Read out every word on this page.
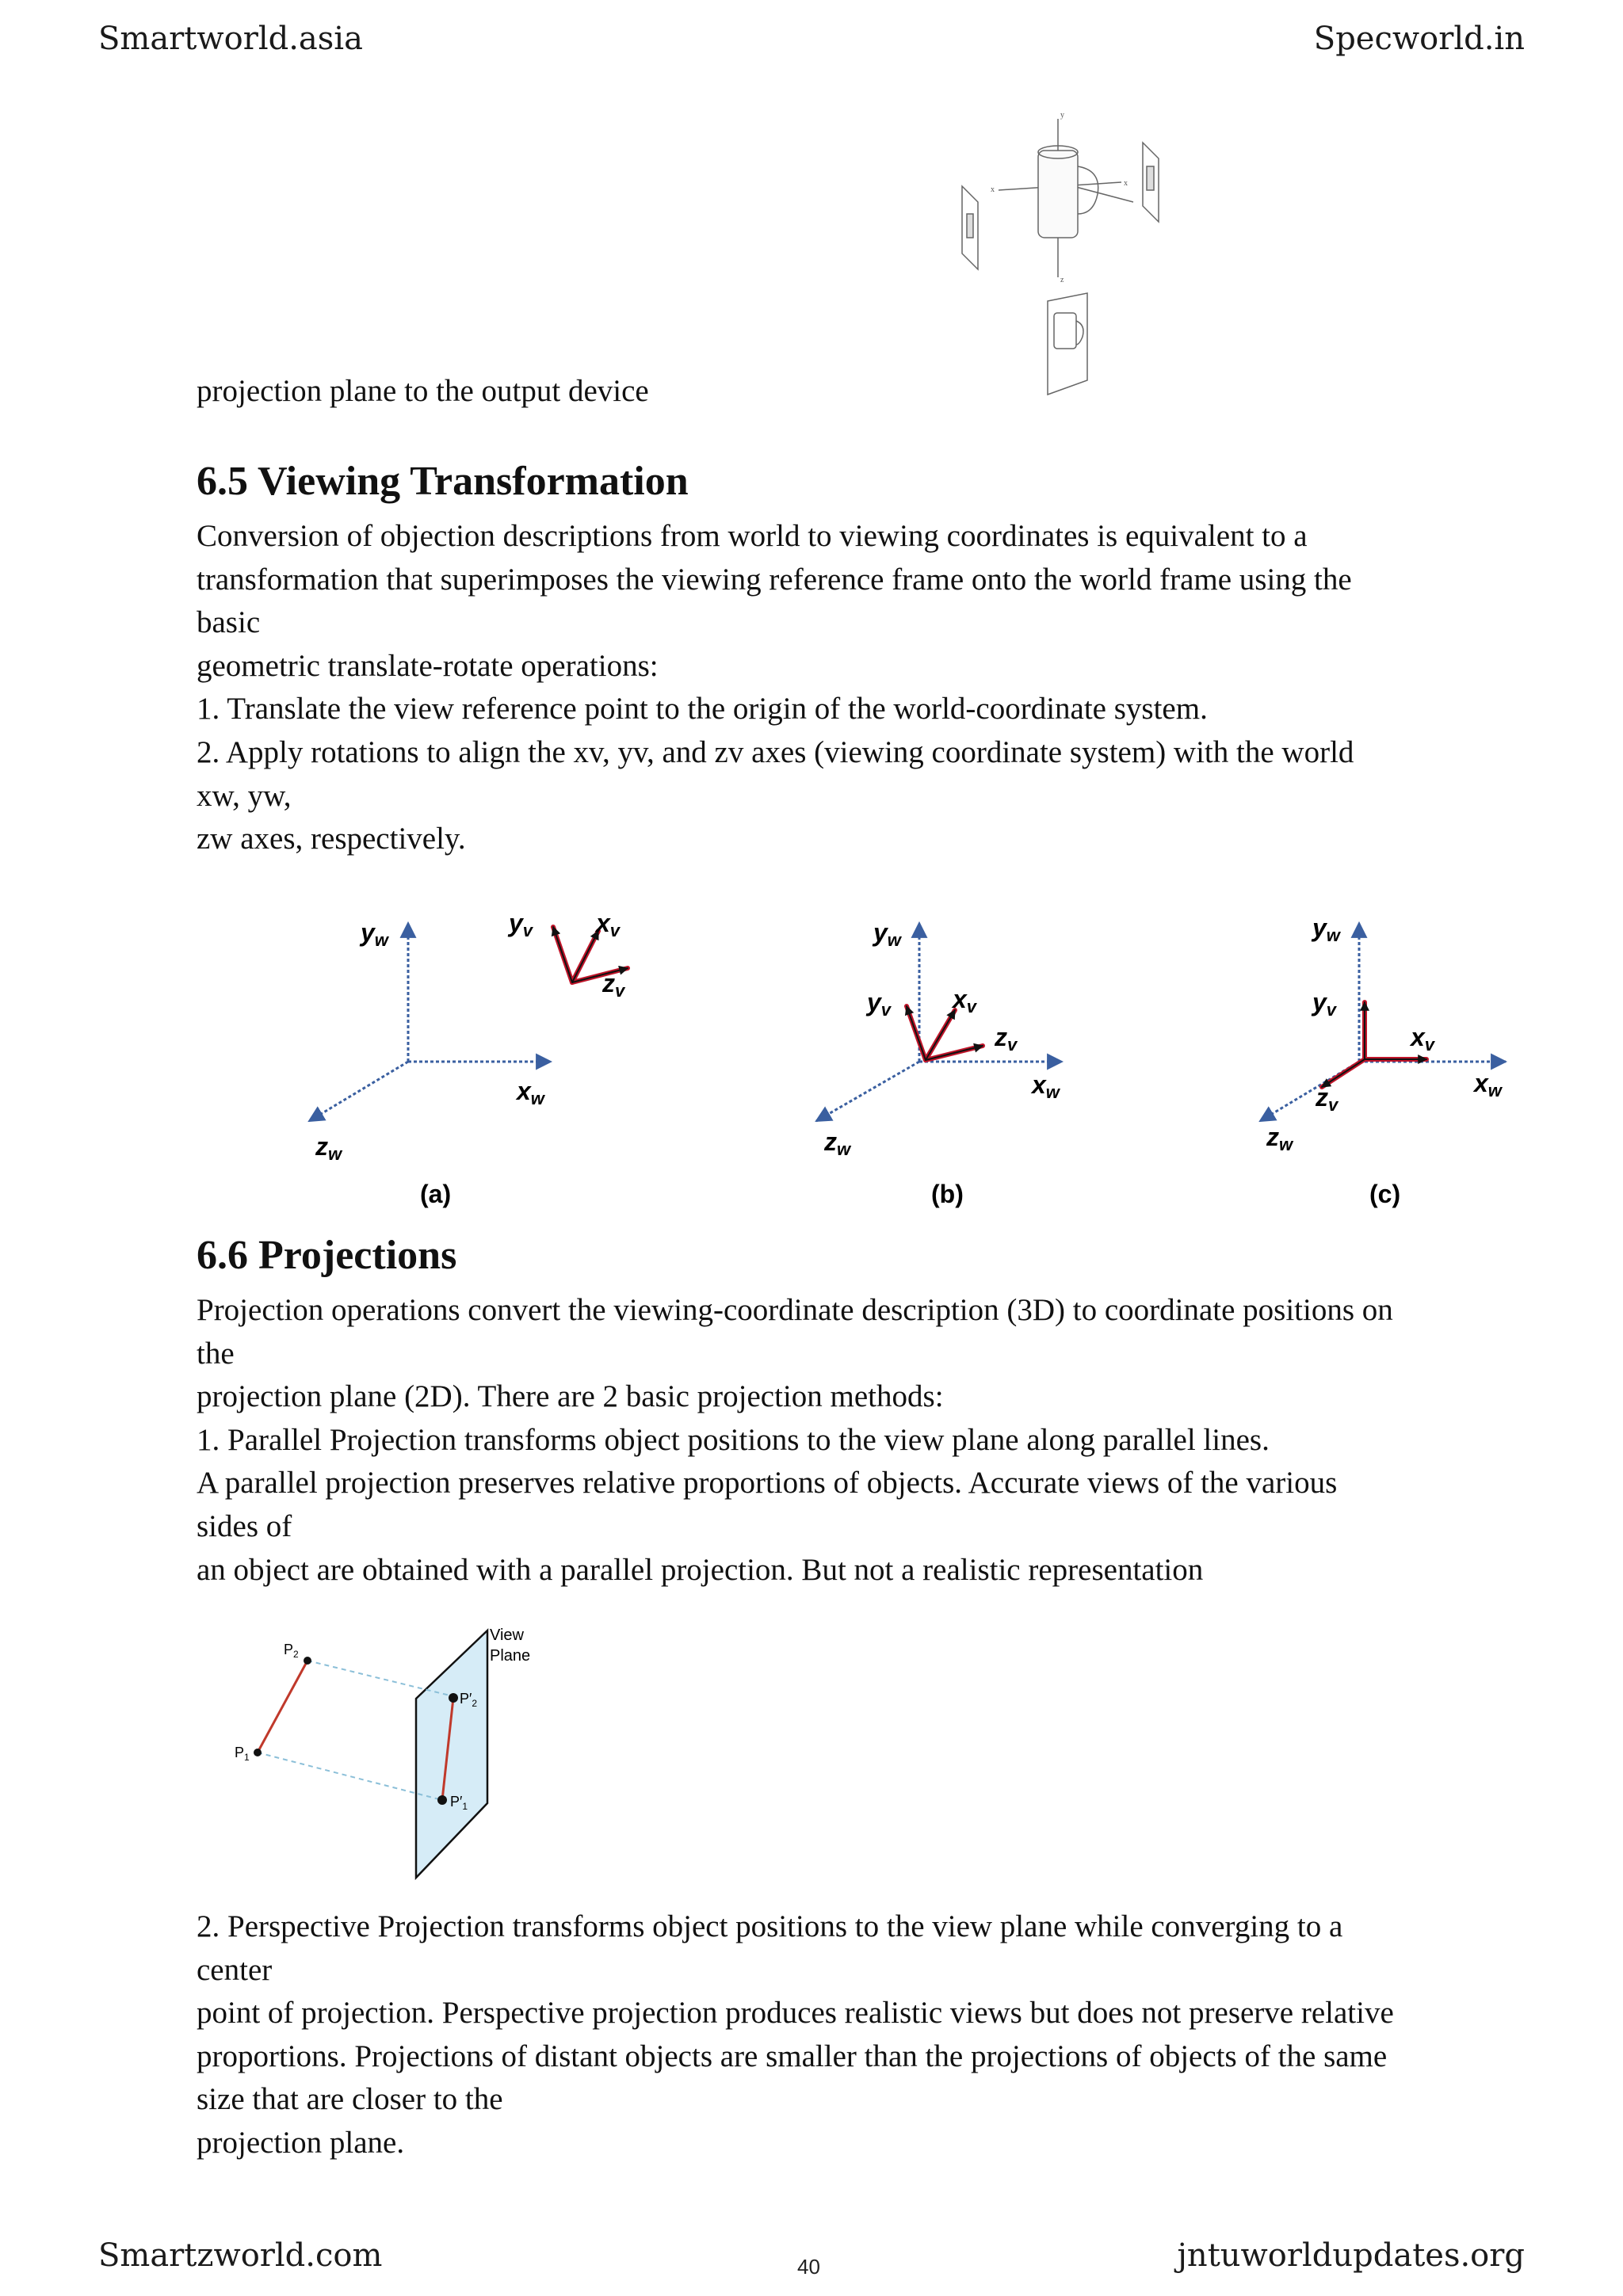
Smartworld.asia	Specworld.in
y
x
x
z
projection plane to the output device
6.5 Viewing Transformation
Conversion of objection descriptions from world to viewing coordinates is equivalent to a
transformation that superimposes the viewing reference frame onto the world frame using the
basic
geometric translate-rotate operations:
1. Translate the view reference point to the origin of the world-coordinate system.
2. Apply rotations to align the xv, yv, and zv axes (viewing coordinate system) with the world
xw, yw,
zw axes, respectively.
yw
xw
zw
yv xv
zv
(a)
yw
xw
zw
yv xv
zv
(b)
yw
xw
zw
yv
xv
zv
(c)
6.6 Projections
Projection operations convert the viewing-coordinate description (3D) to coordinate positions on
the
projection plane (2D). There are 2 basic projection methods:
1. Parallel Projection transforms object positions to the view plane along parallel lines.
A parallel projection preserves relative proportions of objects. Accurate views of the various
sides of
an object are obtained with a parallel projection. But not a realistic representation
$P_2$
$P_1$
$P'_2$
$P'_1$
View
Plane
2. Perspective Projection transforms object positions to the view plane while converging to a
center
point of projection. Perspective projection produces realistic views but does not preserve relative
proportions. Projections of distant objects are smaller than the projections of objects of the same
size that are closer to the
projection plane.
Smartzworld.com	40	jntuworldupdates.org
